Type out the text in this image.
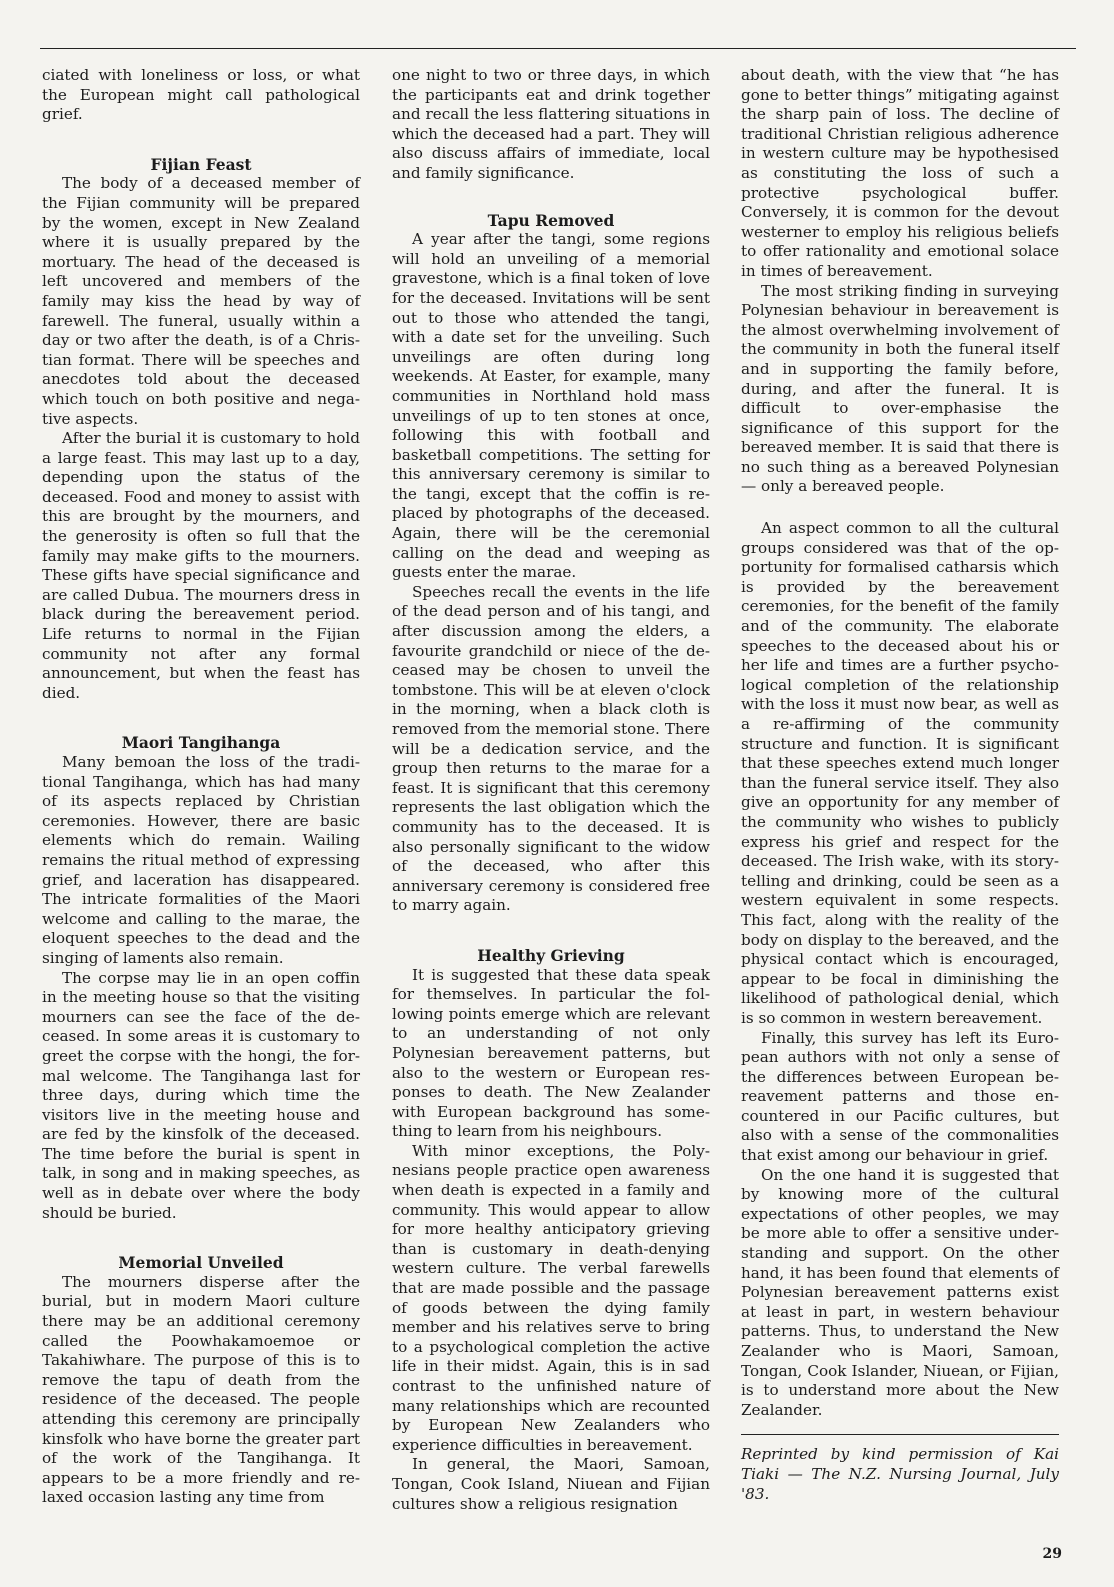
ciated with loneliness or loss, or what the European might call pathological grief.

Fijian Feast

The body of a deceased member of the Fijian community will be prepared by the women, except in New Zealand where it is usually prepared by the mortuary. The head of the deceased is left uncovered and members of the family may kiss the head by way of farewell. The funeral, usually within a day or two after the death, is of a Christian format. There will be speeches and anecdotes told about the deceased which touch on both positive and negative aspects.

After the burial it is customary to hold a large feast. This may last up to a day, depending upon the status of the deceased. Food and money to assist with this are brought by the mourners, and the generosity is often so full that the family may make gifts to the mourners. These gifts have special significance and are called Dubua. The mourners dress in black during the bereavement period. Life returns to normal in the Fijian community not after any formal announcement, but when the feast has died.

Maori Tangihanga

Many bemoan the loss of the traditional Tangihanga, which has had many of its aspects replaced by Christian ceremonies. However, there are basic elements which do remain. Wailing remains the ritual method of expressing grief, and laceration has disappeared. The intricate formalities of the Maori welcome and calling to the marae, the eloquent speeches to the dead and the singing of laments also remain.

The corpse may lie in an open coffin in the meeting house so that the visiting mourners can see the face of the deceased. In some areas it is customary to greet the corpse with the hongi, the formal welcome. The Tangihanga last for three days, during which time the visitors live in the meeting house and are fed by the kinsfolk of the deceased. The time before the burial is spent in talk, in song and in making speeches, as well as in debate over where the body should be buried.

Memorial Unveiled

The mourners disperse after the burial, but in modern Maori culture there may be an additional ceremony called the Poowhakamoemoe or Takahiwhare. The purpose of this is to remove the tapu of death from the residence of the deceased. The people attending this ceremony are principally kinsfolk who have borne the greater part of the work of the Tangihanga. It appears to be a more friendly and relaxed occasion lasting any time from

one night to two or three days, in which the participants eat and drink together and recall the less flattering situations in which the deceased had a part. They will also discuss affairs of immediate, local and family significance.

Tapu Removed

A year after the tangi, some regions will hold an unveiling of a memorial gravestone, which is a final token of love for the deceased. Invitations will be sent out to those who attended the tangi, with a date set for the unveiling. Such unveilings are often during long weekends. At Easter, for example, many communities in Northland hold mass unveilings of up to ten stones at once, following this with football and basketball competitions. The setting for this anniversary ceremony is similar to the tangi, except that the coffin is replaced by photographs of the deceased. Again, there will be the ceremonial calling on the dead and weeping as guests enter the marae.

Speeches recall the events in the life of the dead person and of his tangi, and after discussion among the elders, a favourite grandchild or niece of the deceased may be chosen to unveil the tombstone. This will be at eleven o'clock in the morning, when a black cloth is removed from the memorial stone. There will be a dedication service, and the group then returns to the marae for a feast. It is significant that this ceremony represents the last obligation which the community has to the deceased. It is also personally significant to the widow of the deceased, who after this anniversary ceremony is considered free to marry again.

Healthy Grieving

It is suggested that these data speak for themselves. In particular the following points emerge which are relevant to an understanding of not only Polynesian bereavement patterns, but also to the western or European responses to death. The New Zealander with European background has something to learn from his neighbours.

With minor exceptions, the Polynesians people practice open awareness when death is expected in a family and community. This would appear to allow for more healthy anticipatory grieving than is customary in death-denying western culture. The verbal farewells that are made possible and the passage of goods between the dying family member and his relatives serve to bring to a psychological completion the active life in their midst. Again, this is in sad contrast to the unfinished nature of many relationships which are recounted by European New Zealanders who experience difficulties in bereavement.

In general, the Maori, Samoan, Tongan, Cook Island, Niuean and Fijian cultures show a religious resignation

about death, with the view that “he has gone to better things” mitigating against the sharp pain of loss. The decline of traditional Christian religious adherence in western culture may be hypothesised as constituting the loss of such a protective psychological buffer. Conversely, it is common for the devout westerner to employ his religious beliefs to offer rationality and emotional solace in times of bereavement.

The most striking finding in surveying Polynesian behaviour in bereavement is the almost overwhelming involvement of the community in both the funeral itself and in supporting the family before, during, and after the funeral. It is difficult to over-emphasise the significance of this support for the bereaved member. It is said that there is no such thing as a bereaved Polynesian — only a bereaved people.

An aspect common to all the cultural groups considered was that of the opportunity for formalised catharsis which is provided by the bereavement ceremonies, for the benefit of the family and of the community. The elaborate speeches to the deceased about his or her life and times are a further psychological completion of the relationship with the loss it must now bear, as well as a re-affirming of the community structure and function. It is significant that these speeches extend much longer than the funeral service itself. They also give an opportunity for any member of the community who wishes to publicly express his grief and respect for the deceased. The Irish wake, with its story-telling and drinking, could be seen as a western equivalent in some respects. This fact, along with the reality of the body on display to the bereaved, and the physical contact which is encouraged, appear to be focal in diminishing the likelihood of pathological denial, which is so common in western bereavement.

Finally, this survey has left its European authors with not only a sense of the differences between European bereavement patterns and those encountered in our Pacific cultures, but also with a sense of the commonalities that exist among our behaviour in grief.

On the one hand it is suggested that by knowing more of the cultural expectations of other peoples, we may be more able to offer a sensitive understanding and support. On the other hand, it has been found that elements of Polynesian bereavement patterns exist at least in part, in western behaviour patterns. Thus, to understand the New Zealander who is Maori, Samoan, Tongan, Cook Islander, Niuean, or Fijian, is to understand more about the New Zealander.

Reprinted by kind permission of Kai Tiaki — The N.Z. Nursing Journal, July '83.

29
